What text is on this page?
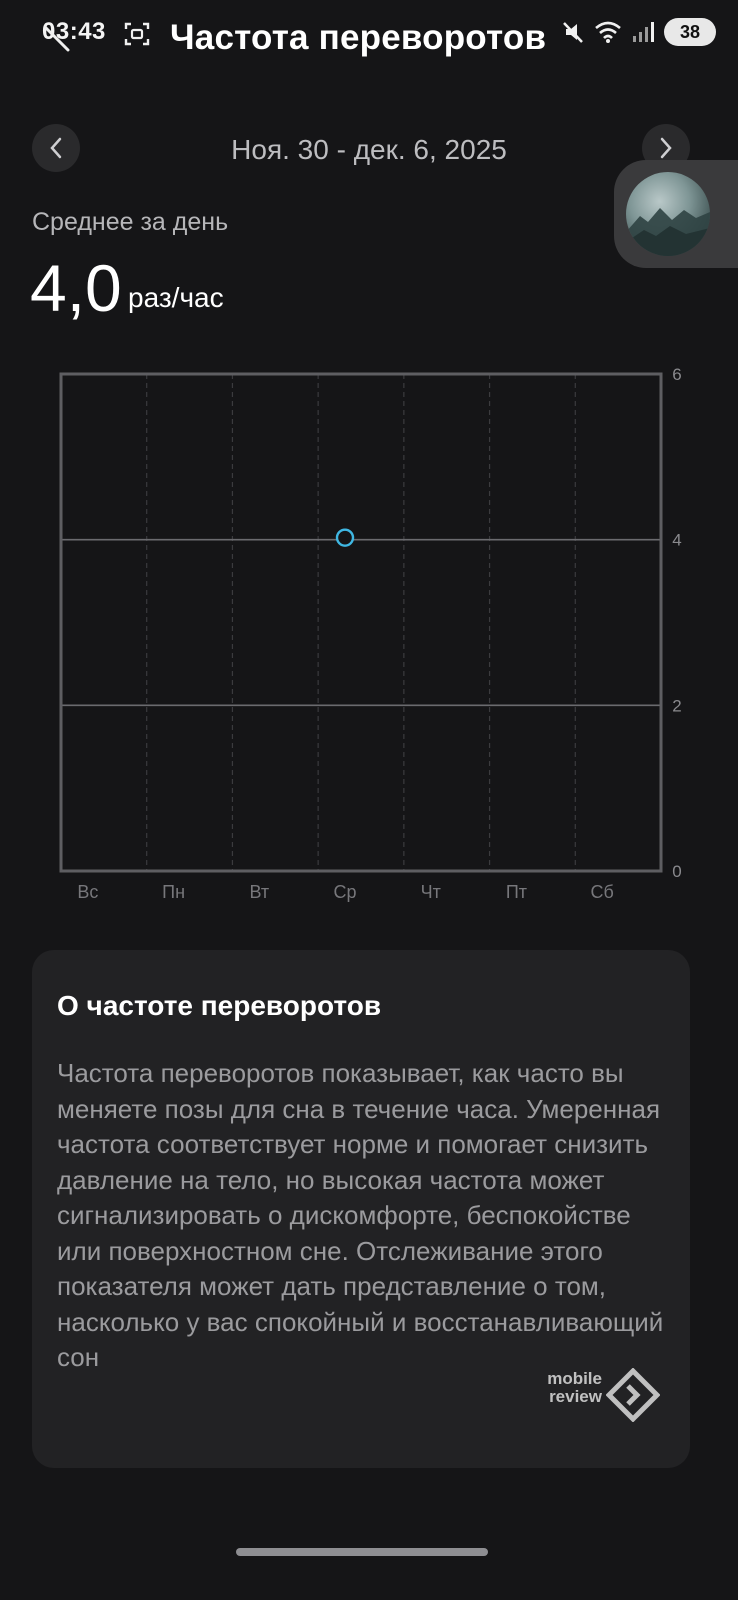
03:43 Частота переворотов	38
Ноя. 30 - дек. 6, 2025
Среднее за день
4,0 раз/час
6
4
2
0
Вс	Пн	Вт	Ср	Чт	Пт	Сб
О частоте переворотов
Частота переворотов показывает, как часто вы меняете позы для сна в течение часа. Умеренная частота соответствует норме и помогает снизить давление на тело, но высокая частота может сигнализировать о дискомфорте, беспокойстве или поверхностном сне. Отслеживание этого показателя может дать представление о том, насколько у вас спокойный и восстанавливающий сон
mobile
review
